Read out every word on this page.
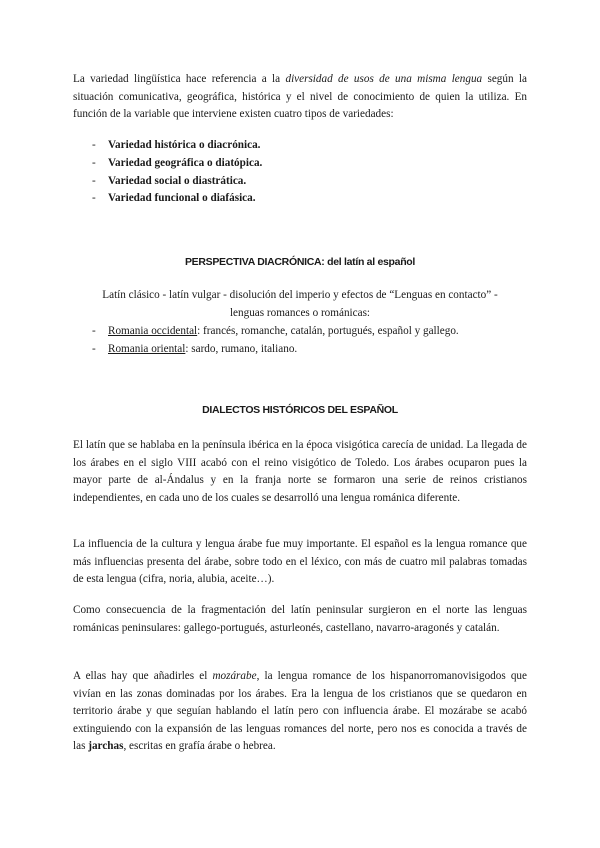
La variedad lingüística hace referencia a la diversidad de usos de una misma lengua según la situación comunicativa, geográfica, histórica y el nivel de conocimiento de quien la utiliza. En función de la variable que interviene existen cuatro tipos de variedades:

- Variedad histórica o diacrónica.
- Variedad geográfica o diatópica.
- Variedad social o diastrática.
- Variedad funcional o diafásica.
PERSPECTIVA DIACRÓNICA: del latín al español
Latín clásico - latín vulgar - disolución del imperio y efectos de “Lenguas en contacto” -
lenguas romances o románicas:
- Romania occidental: francés, romanche, catalán, portugués, español y gallego.
- Romania oriental: sardo, rumano, italiano.
DIALECTOS HISTÓRICOS DEL ESPAÑOL

El latín que se hablaba en la península ibérica en la época visigótica carecía de unidad. La llegada de los árabes en el siglo VIII acabó con el reino visigótico de Toledo. Los árabes ocuparon pues la mayor parte de al-Ándalus y en la franja norte se formaron una serie de reinos cristianos independientes, en cada uno de los cuales se desarrolló una lengua románica diferente.

La influencia de la cultura y lengua árabe fue muy importante. El español es la lengua romance que más influencias presenta del árabe, sobre todo en el léxico, con más de cuatro mil palabras tomadas de esta lengua (cifra, noria, alubia, aceite…).

Como consecuencia de la fragmentación del latín peninsular surgieron en el norte las lenguas románicas peninsulares: gallego-portugués, asturleonés, castellano, navarro-aragonés y catalán.

A ellas hay que añadirles el mozárabe, la lengua romance de los hispanorromanovisigodos que vivían en las zonas dominadas por los árabes. Era la lengua de los cristianos que se quedaron en territorio árabe y que seguían hablando el latín pero con influencia árabe. El mozárabe se acabó extinguiendo con la expansión de las lenguas romances del norte, pero nos es conocida a través de las jarchas, escritas en grafía árabe o hebrea.
